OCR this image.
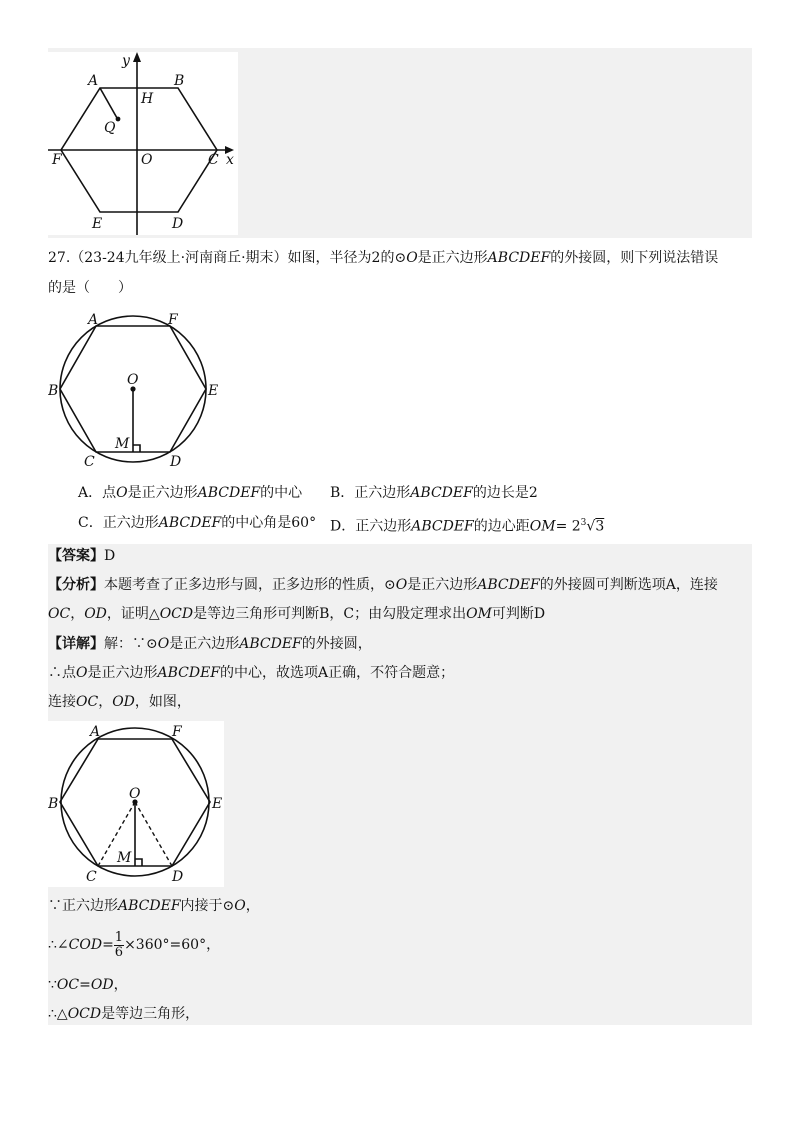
y
x
A	B
H
Q
F	O	C
E	D
27.（23-24九年级上·河南商丘·期末）如图，半径为2的⊙O是正六边形ABCDEF的外接圆，则下列说法错误
的是（　　）
A	F
B
O
E
M
C	D
A．点O是正六边形ABCDEF的中心 B．正六边形ABCDEF的边长是2
C．正六边形ABCDEF的中心角是60° D．正六边形ABCDEF的边心距$OM= 2^3√3$
【答案】D
【分析】本题考查了正多边形与圆，正多边形的性质，⊙O是正六边形ABCDEF的外接圆可判断选项A，连接
OC，OD，证明△OCD是等边三角形可判断B，C；由勾股定理求出OM可判断D
【详解】解：∵⊙O是正六边形ABCDEF的外接圆，
∴点O是正六边形ABCDEF的中心，故选项A正确，不符合题意；
连接OC，OD，如图，
A	F
B
O
E
M
C	D
∵正六边形ABCDEF内接于⊙O，
∴∠COD= $\frac{1}{6} \times 360^\circ=60^\circ$，
∵OC=OD，
∴△OCD是等边三角形，
